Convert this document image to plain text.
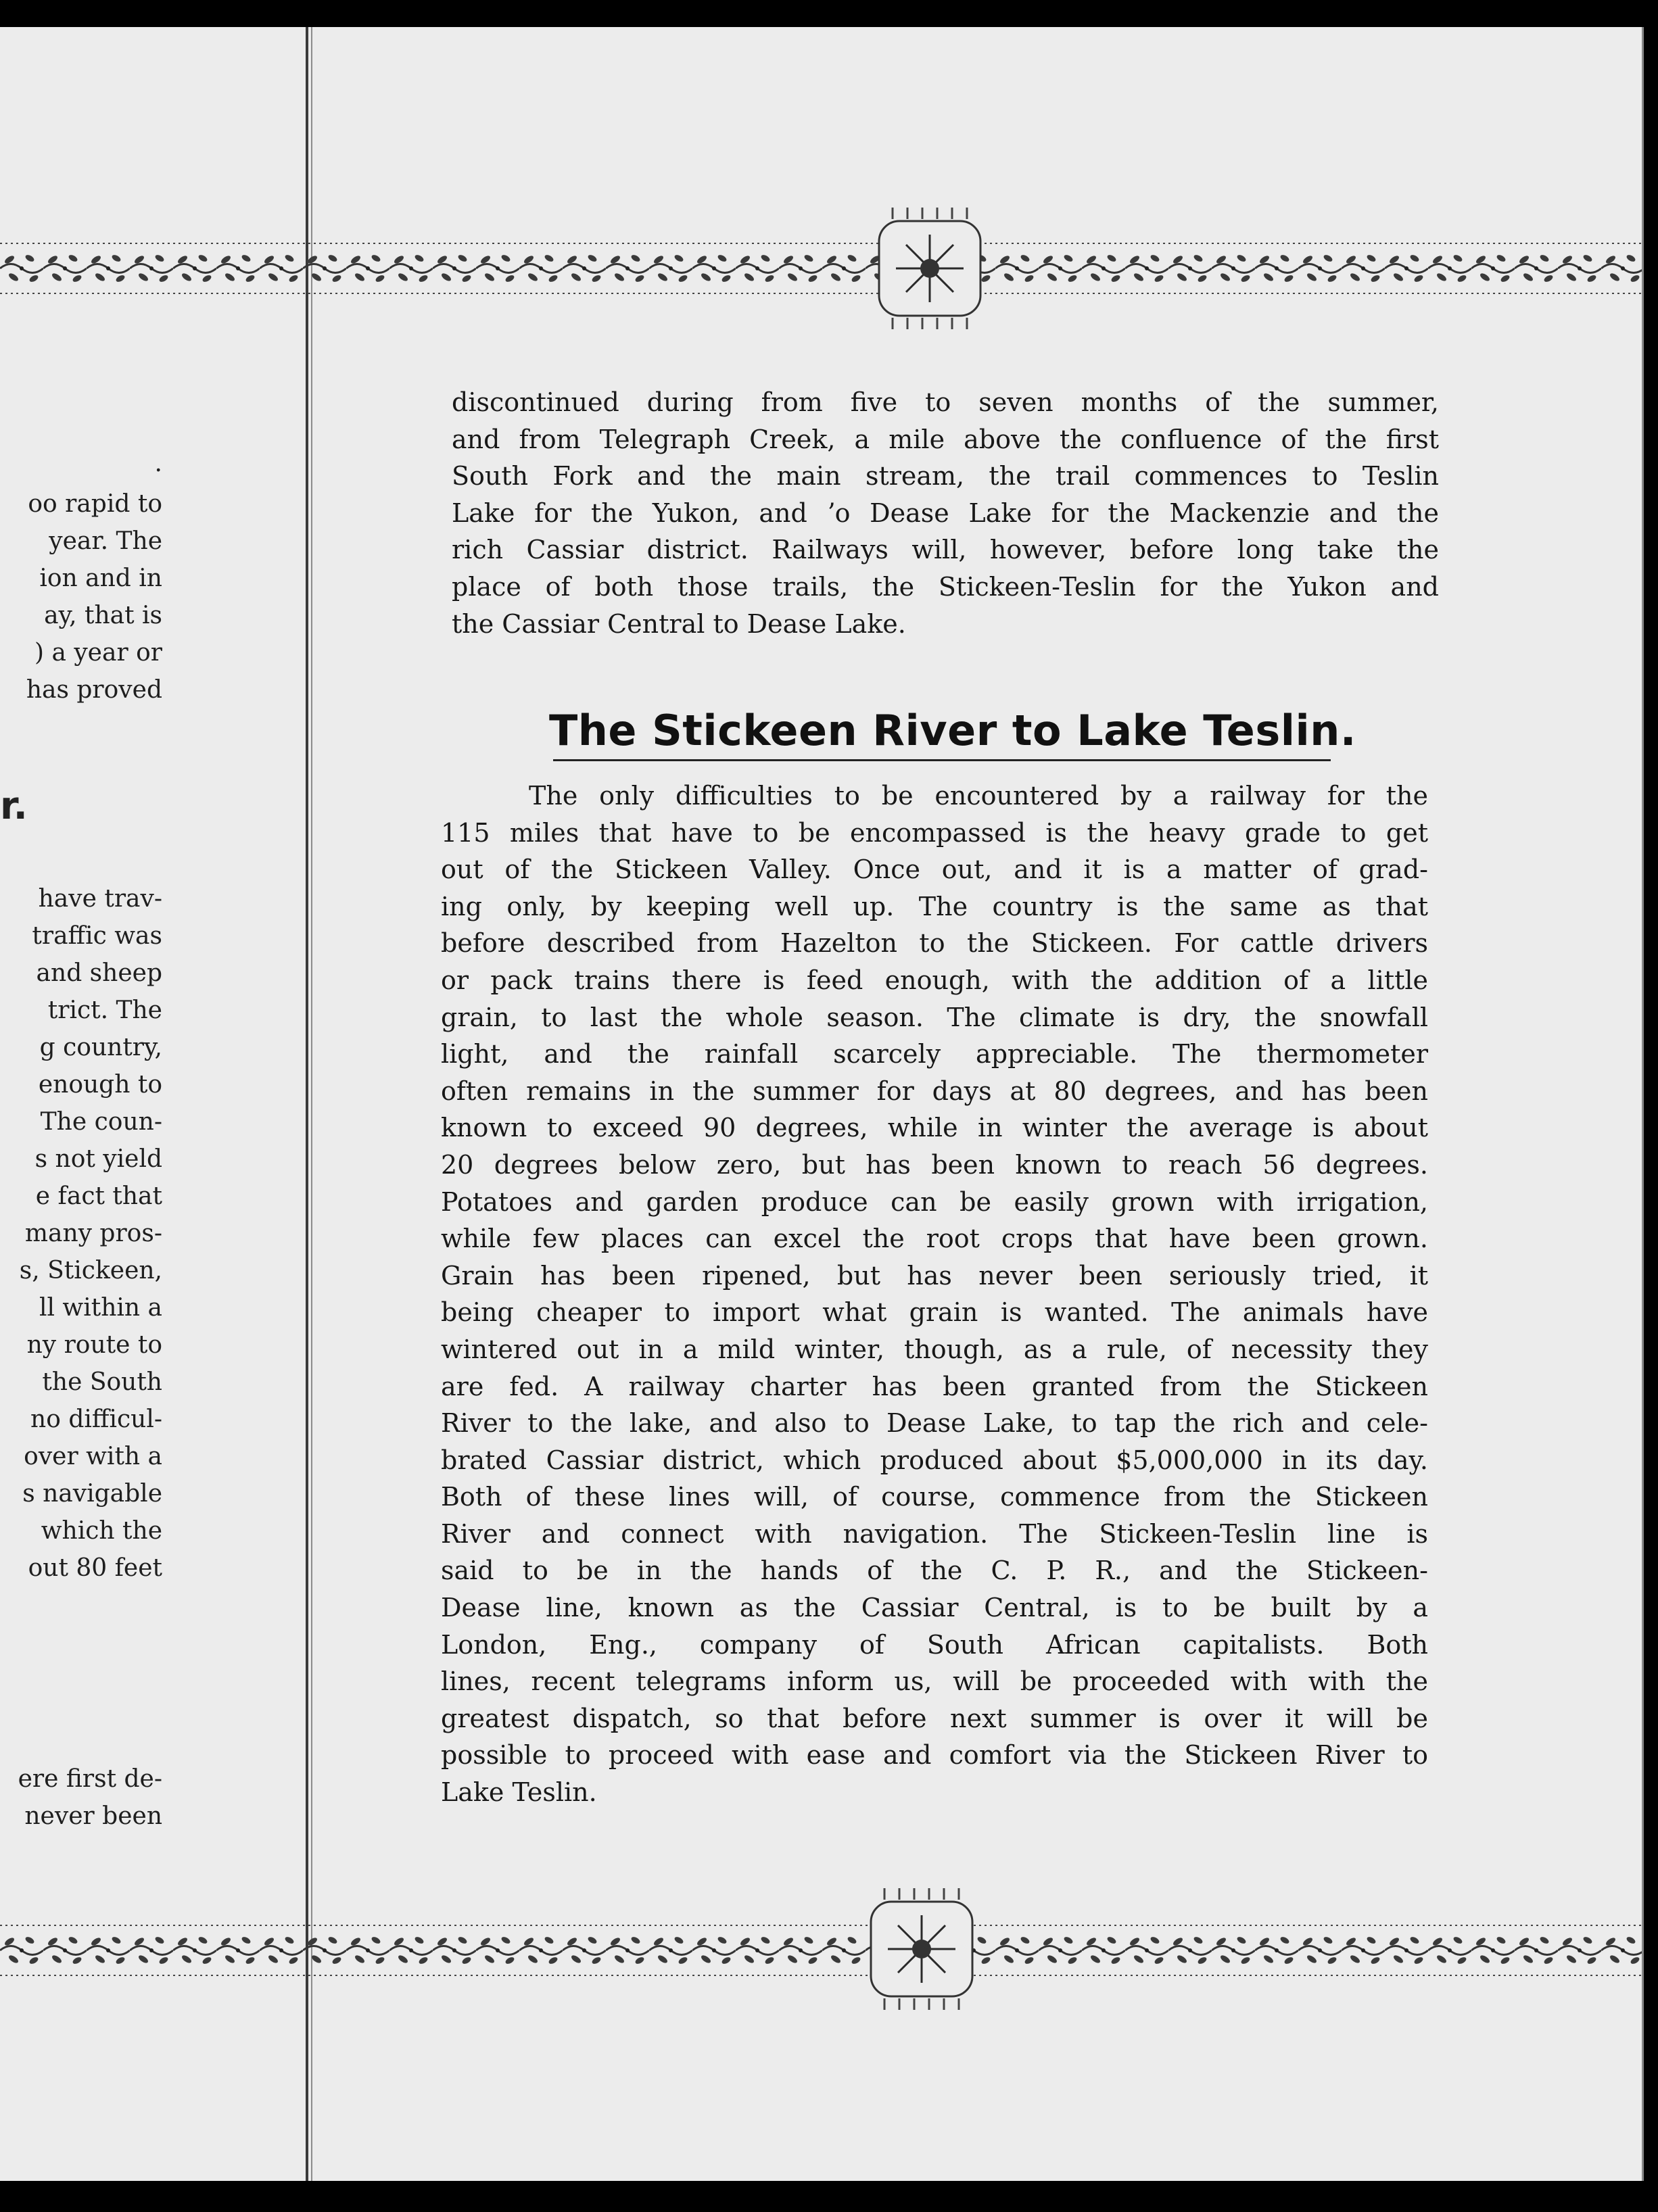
.
oo rapid to
year. The
ion and in
ay, that is
) a year or
has proved
r.
have trav-
traffic was
and sheep
trict. The
g country,
enough to
The coun-
s not yield
e fact that
many pros-
s, Stickeen,
ll within a
ny route to
the South
no difficul-
over with a
s navigable
which the
out 80 feet
ere first de-
never been
discontinued during from five to seven months of the summer,
and from Telegraph Creek, a mile above the confluence of the first
South Fork and the main stream, the trail commences to Teslin
Lake for the Yukon, and ʼo Dease Lake for the Mackenzie and the
rich Cassiar district. Railways will, however, before long take the
place of both those trails, the Stickeen-Teslin for the Yukon and
the Cassiar Central to Dease Lake.
The Stickeen River to Lake Teslin.
The only difficulties to be encountered by a railway for the
115 miles that have to be encompassed is the heavy grade to get
out of the Stickeen Valley. Once out, and it is a matter of grad-
ing only, by keeping well up. The country is the same as that
before described from Hazelton to the Stickeen. For cattle drivers
or pack trains there is feed enough, with the addition of a little
grain, to last the whole season. The climate is dry, the snowfall
light, and the rainfall scarcely appreciable. The thermometer
often remains in the summer for days at 80 degrees, and has been
known to exceed 90 degrees, while in winter the average is about
20 degrees below zero, but has been known to reach 56 degrees.
Potatoes and garden produce can be easily grown with irrigation,
while few places can excel the root crops that have been grown.
Grain has been ripened, but has never been seriously tried, it
being cheaper to import what grain is wanted. The animals have
wintered out in a mild winter, though, as a rule, of necessity they
are fed. A railway charter has been granted from the Stickeen
River to the lake, and also to Dease Lake, to tap the rich and cele-
brated Cassiar district, which produced about $5,000,000 in its day.
Both of these lines will, of course, commence from the Stickeen
River and connect with navigation. The Stickeen-Teslin line is
said to be in the hands of the C. P. R., and the Stickeen-
Dease line, known as the Cassiar Central, is to be built by a
London, Eng., company of South African capitalists. Both
lines, recent telegrams inform us, will be proceeded with with the
greatest dispatch, so that before next summer is over it will be
possible to proceed with ease and comfort via the Stickeen River to
Lake Teslin.
